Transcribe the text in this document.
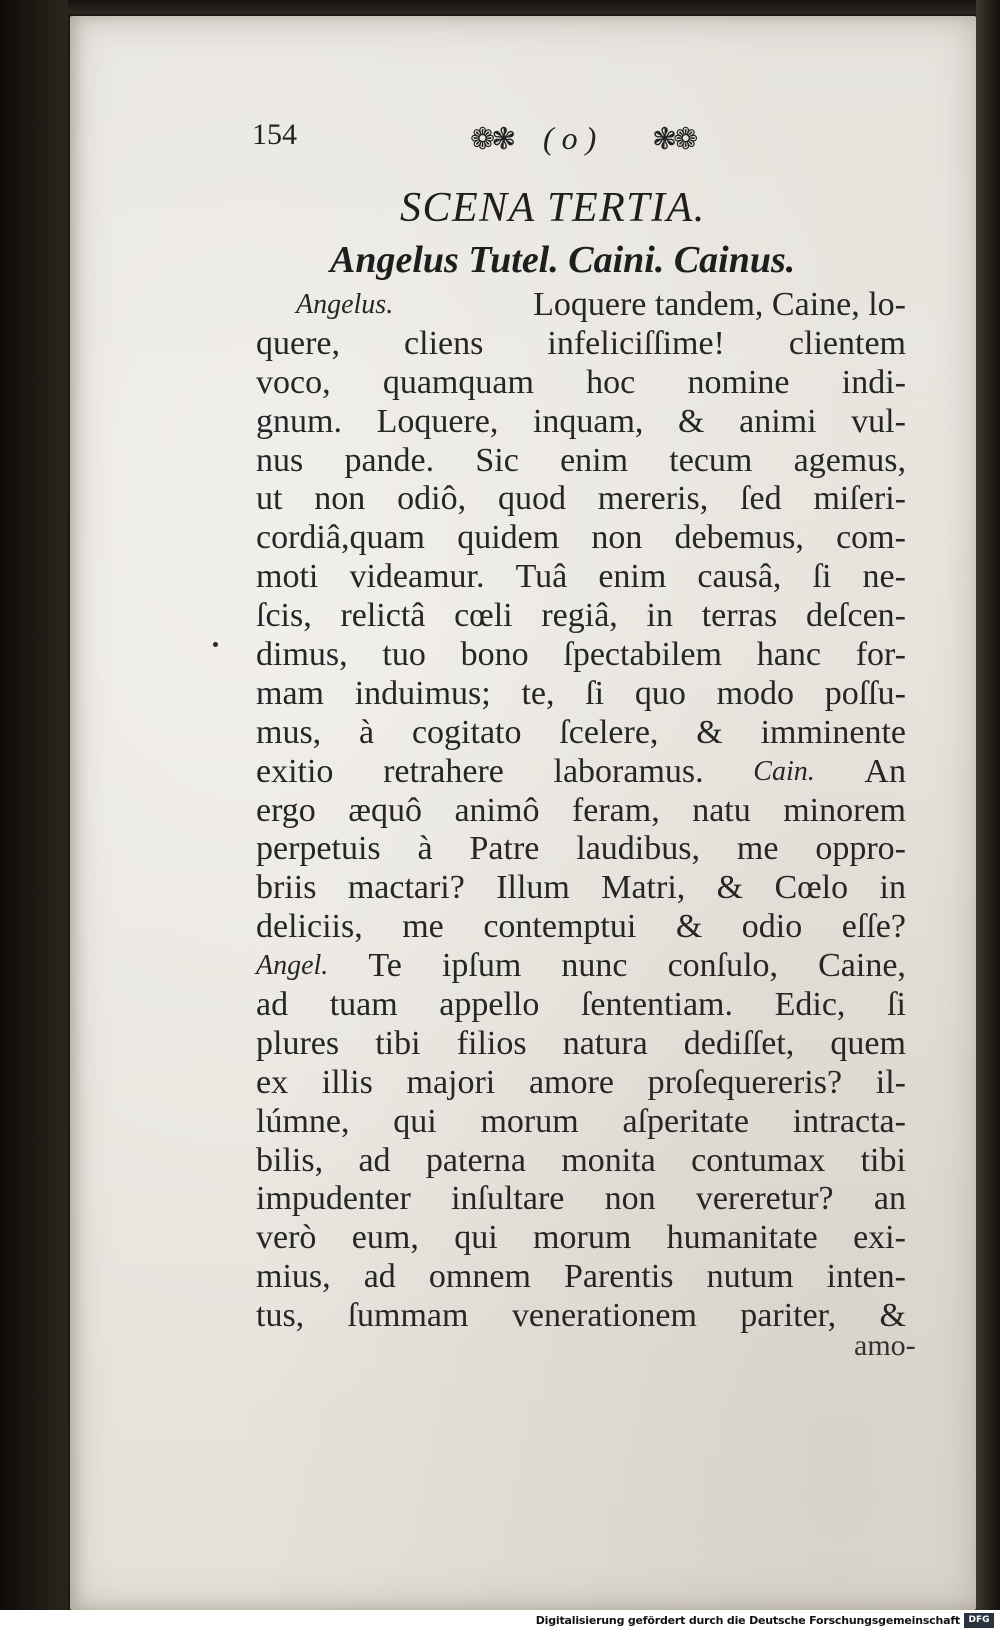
154	❁❃ ( o ) ❃❁
SCENA TERTIA.
Angelus Tutel. Caini. Cainus.
Angelus.	Loquere tandem, Caine, lo-
quere, cliens infeliciſſime! clientem
voco, quamquam hoc nomine indi-
gnum. Loquere, inquam, & animi vul-
nus pande. Sic enim tecum agemus,
ut non odiô, quod mereris, ſed miſeri-
cordiâ,quam quidem non debemus, com-
moti videamur. Tuâ enim causâ, ſi ne-
ſcis, relictâ cœli regiâ, in terras deſcen-
dimus, tuo bono ſpectabilem hanc for-
mam induimus; te, ſi quo modo poſſu-
mus, à cogitato ſcelere, & imminente
exitio retrahere laboramus. Cain. An
ergo æquô animô feram, natu minorem
perpetuis à Patre laudibus, me oppro-
briis mactari? Illum Matri, & Cœlo in
deliciis, me contemptui & odio eſſe?
Angel. Te ipſum nunc conſulo, Caine,
ad tuam appello ſententiam. Edic, ſi
plures tibi filios natura dediſſet, quem
ex illis majori amore proſequereris? il-
lúmne, qui morum aſperitate intracta-
bilis, ad paterna monita contumax tibi
impudenter inſultare non vereretur? an
verò eum, qui morum humanitate exi-
mius, ad omnem Parentis nutum inten-
tus, ſummam venerationem pariter, &
amo-
Digitalisierung gefördert durch die Deutsche Forschungsgemeinschaft DFG
